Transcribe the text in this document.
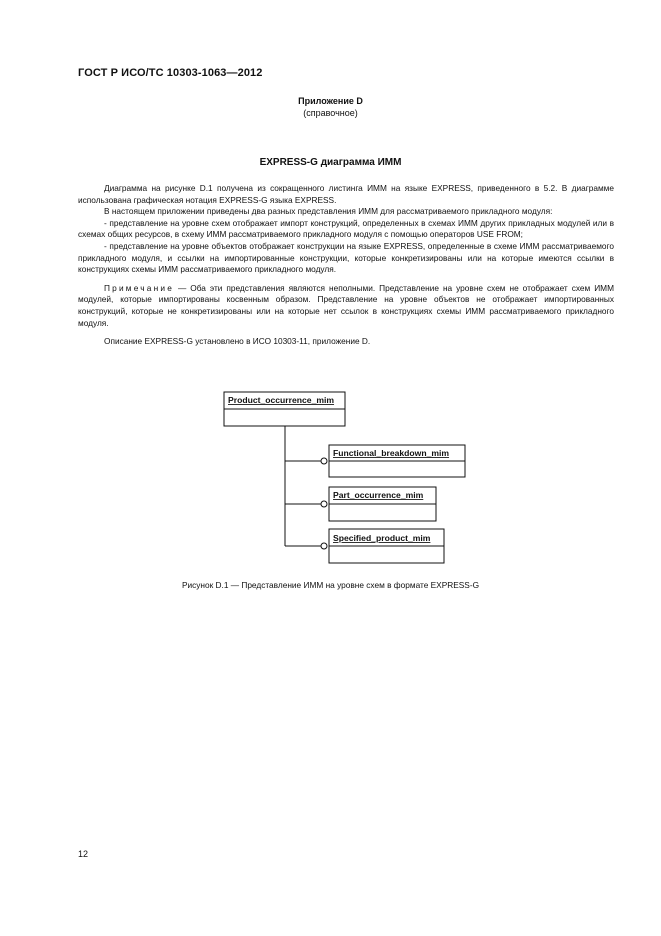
ГОСТ Р ИСО/ТС 10303-1063—2012
Приложение D
(справочное)
EXPRESS-G диаграмма ИММ

Диаграмма на рисунке D.1 получена из сокращенного листинга ИММ на языке EXPRESS, приведенного в 5.2. В диаграмме использована графическая нотация EXPRESS-G языка EXPRESS.

В настоящем приложении приведены два разных представления ИММ для рассматриваемого прикладного модуля:

- представление на уровне схем отображает импорт конструкций, определенных в схемах ИММ других прикладных модулей или в схемах общих ресурсов, в схему ИММ рассматриваемого прикладного модуля с помощью операторов USE FROM;

- представление на уровне объектов отображает конструкции на языке EXPRESS, определенные в схеме ИММ рассматриваемого прикладного модуля, и ссылки на импортированные конструкции, которые конкретизированы или на которые имеются ссылки в конструкциях схемы ИММ рассматриваемого прикладного модуля.

Примечание — Оба эти представления являются неполными. Представление на уровне схем не отображает схем ИММ модулей, которые импортированы косвенным образом. Представление на уровне объектов не отображает импортированных конструкций, которые не конкретизированы или на которые нет ссылок в конструкциях схемы ИММ рассматриваемого прикладного модуля.

Описание EXPRESS-G установлено в ИСО 10303-11, приложение D.

Product_occurrence_mim
Functional_breakdown_mim
Part_occurrence_mim
Specified_product_mim
Рисунок D.1 — Представление ИММ на уровне схем в формате EXPRESS-G
12
